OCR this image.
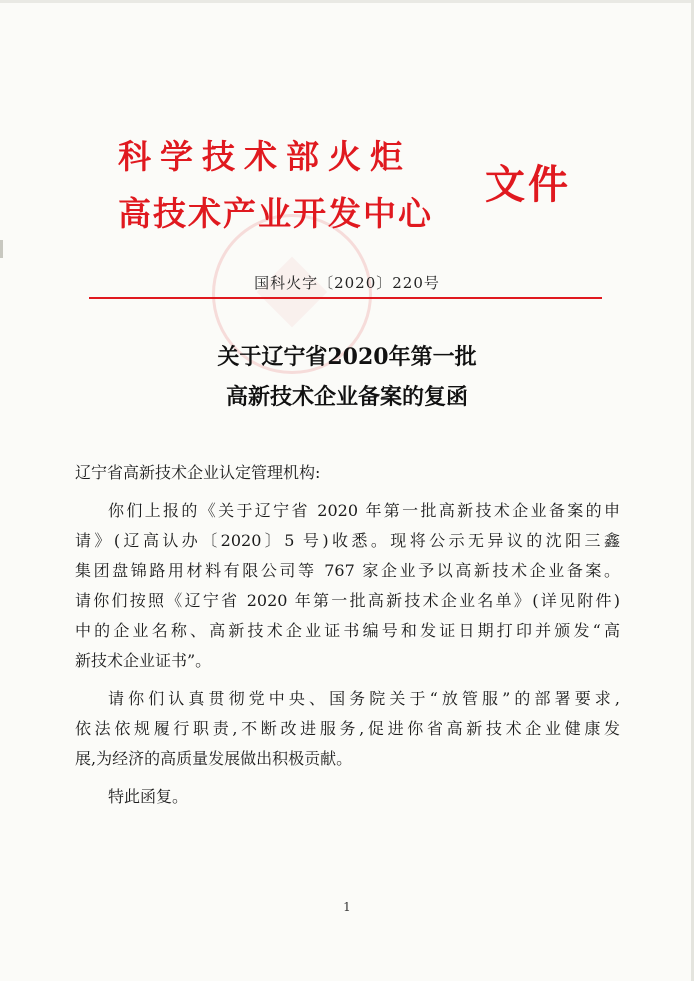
科学技术部火炬
高技术产业开发中心
文件
国科火字〔2020〕220号
关于辽宁省2020年第一批
高新技术企业备案的复函
辽宁省高新技术企业认定管理机构:
你们上报的《关于辽宁省 2020 年第一批高新技术企业备案的申
请》(辽高认办〔2020〕5 号)收悉。现将公示无异议的沈阳三鑫
集团盘锦路用材料有限公司等 767 家企业予以高新技术企业备案。
请你们按照《辽宁省 2020 年第一批高新技术企业名单》(详见附件)
中的企业名称、高新技术企业证书编号和发证日期打印并颁发“高
新技术企业证书”。
请你们认真贯彻党中央、国务院关于“放管服”的部署要求,
依法依规履行职责,不断改进服务,促进你省高新技术企业健康发
展,为经济的高质量发展做出积极贡献。
特此函复。
1
